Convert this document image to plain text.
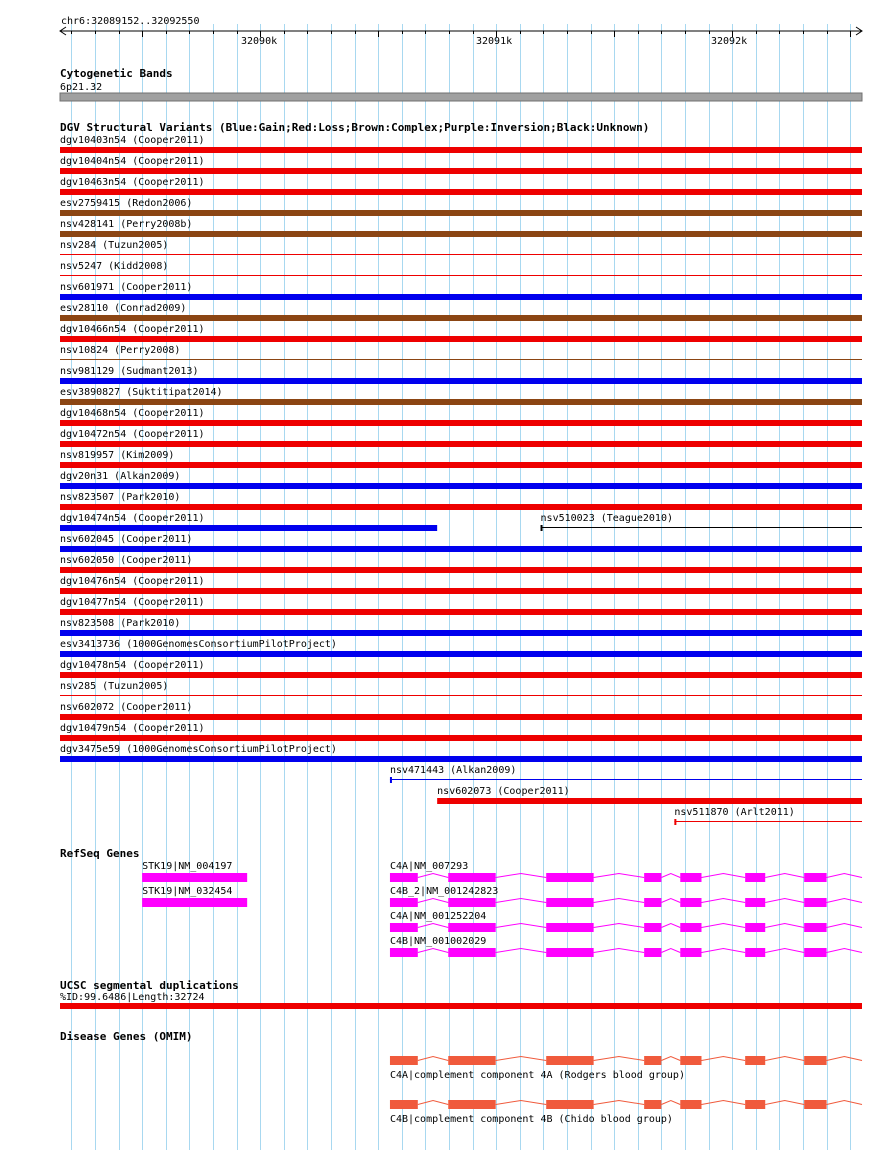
chr6:32089152..32092550
32090k	32091k	32092k
Cytogenetic Bands
6p21.32
DGV Structural Variants (Blue:Gain;Red:Loss;Brown:Complex;Purple:Inversion;Black:Unknown)
dgv10403n54 (Cooper2011)
dgv10404n54 (Cooper2011)
dgv10463n54 (Cooper2011)
esv2759415 (Redon2006)
nsv428141 (Perry2008b)
nsv284 (Tuzun2005)
nsv5247 (Kidd2008)
nsv601971 (Cooper2011)
esv28110 (Conrad2009)
dgv10466n54 (Cooper2011)
nsv10824 (Perry2008)
nsv981129 (Sudmant2013)
esv3890827 (Suktitipat2014)
dgv10468n54 (Cooper2011)
dgv10472n54 (Cooper2011)
nsv819957 (Kim2009)
dgv20n31 (Alkan2009)
nsv823507 (Park2010)
dgv10474n54 (Cooper2011)	nsv510023 (Teague2010)
nsv602045 (Cooper2011)
nsv602050 (Cooper2011)
dgv10476n54 (Cooper2011)
dgv10477n54 (Cooper2011)
nsv823508 (Park2010)
esv3413736 (1000GenomesConsortiumPilotProject)
dgv10478n54 (Cooper2011)
nsv285 (Tuzun2005)
nsv602072 (Cooper2011)
dgv10479n54 (Cooper2011)
dgv3475e59 (1000GenomesConsortiumPilotProject)
nsv471443 (Alkan2009)
nsv602073 (Cooper2011)
nsv511870 (Arlt2011)
RefSeq Genes
STK19|NM_004197
STK19|NM_032454
C4A|NM_007293
C4B_2|NM_001242823
C4A|NM_001252204
C4B|NM_001002029
UCSC segmental duplications
%ID:99.6486|Length:32724
Disease Genes (OMIM)
C4A|complement component 4A (Rodgers blood group)
C4B|complement component 4B (Chido blood group)
